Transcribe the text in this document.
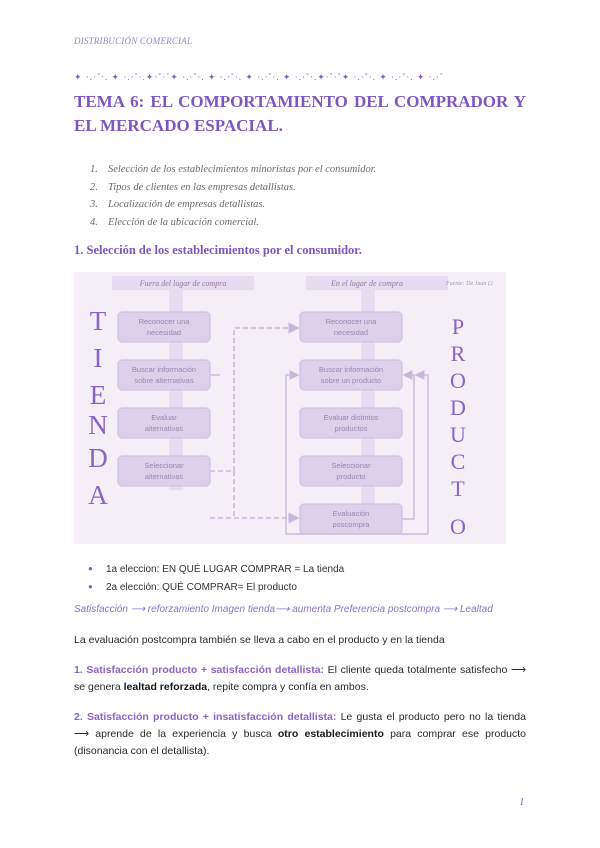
DISTRIBUCIÓN COMERCIAL
✦ ·.·˚·. ✦ ·.·˚·.✦·˚·˚✦ ·.·˚·. ✦ ·.·˚·. ✦ ·.·˚·. ✦ ·.·˚·.✦·˚·˚✦ ·.·˚·. ✦ ·.·˚·. ✦ ·.·˚
TEMA 6: EL COMPORTAMIENTO DEL COMPRADOR Y EL MERCADO ESPACIAL.
1. Selección de los establecimientos minoristas por el consumidor.
2. Tipos de clientes en las empresas detallistas.
3. Localización de empresas detallistas.
4. Elección de la ubicación comercial.
1. Selección de los establecimientos por el consumidor.
Fuera del lugar de compra	En el lugar de compra	Fuente: De Juan (2
Reconocer una
necesidad
Buscar información
sobre alternativas
Evaluar
alternativas
Seleccionar
alternativas
Reconocer una
necesidad
Buscar información
sobre un producto
Evaluar distintos
productos
Seleccionar
producto
Evaluación
poscompra
T
I
E
N
D
A
P
R
O
D
U
C
T
O
● 1a eleccion: EN QUÉ LUGAR COMPRAR = La tienda
● 2a elección: QUÉ COMPRAR= El producto
Satisfacción ⟶ reforzamiento Imagen tienda⟶ aumenta Preferencia postcompra ⟶ Lealtad

La evaluación postcompra también se lleva a cabo en el producto y en la tienda

1. Satisfacción producto + satisfacción detallista: El cliente queda totalmente satisfecho ⟶ se genera lealtad reforzada, repite compra y confía en ambos.

2. Satisfacción producto + insatisfacción detallista: Le gusta el producto pero no la tienda ⟶ aprende de la experiencia y busca otro establecimiento para comprar ese producto (disonancia con el detallista).

1
